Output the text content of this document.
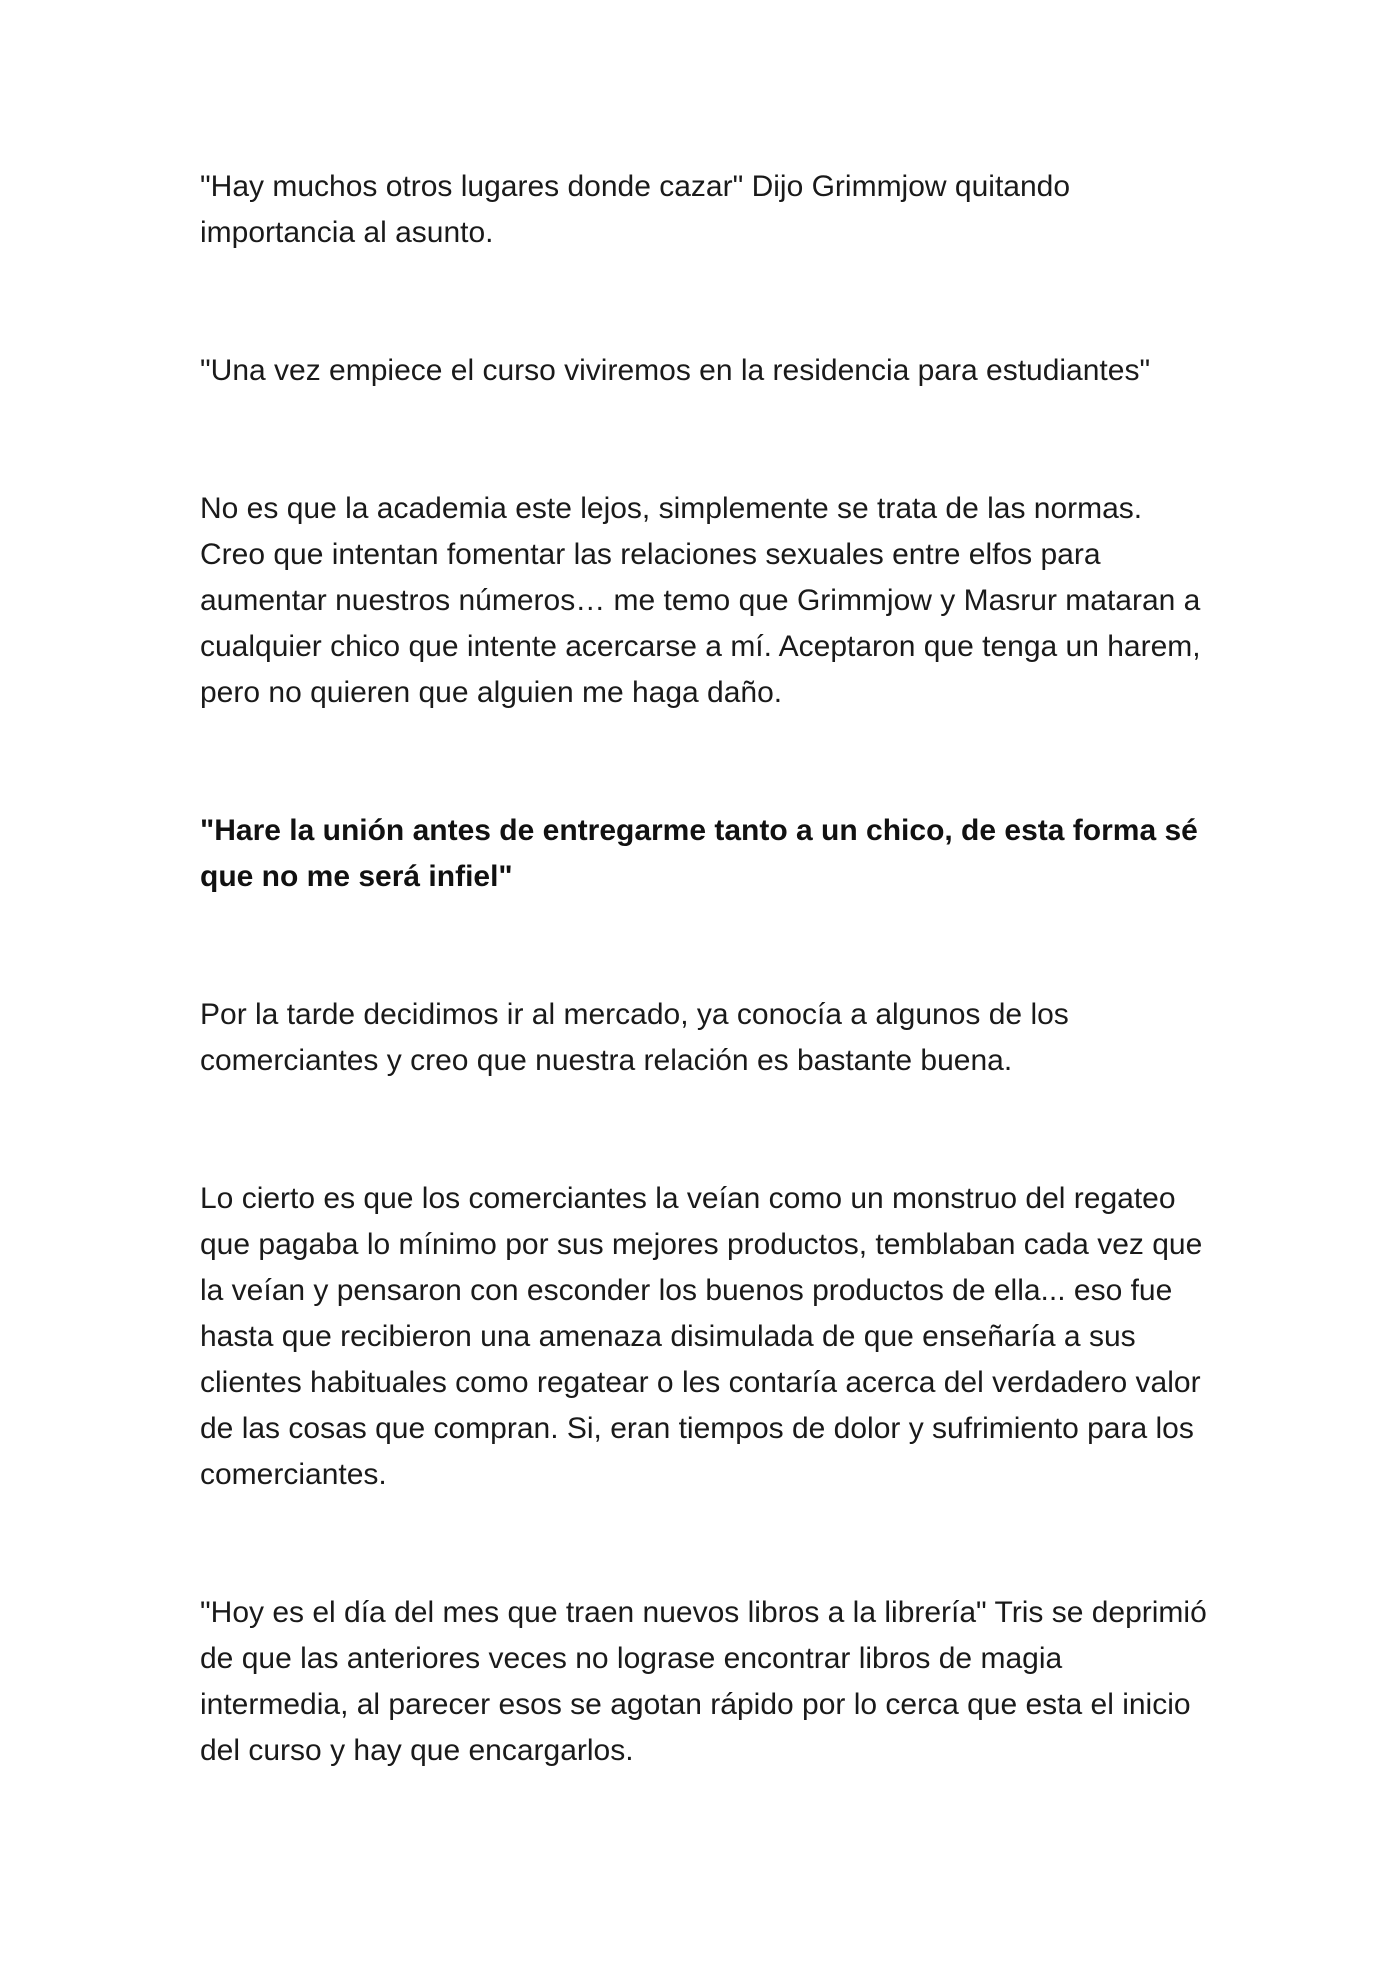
"Hay muchos otros lugares donde cazar" Dijo Grimmjow quitando importancia al asunto.

"Una vez empiece el curso viviremos en la residencia para estudiantes"

No es que la academia este lejos, simplemente se trata de las normas. Creo que intentan fomentar las relaciones sexuales entre elfos para aumentar nuestros números… me temo que Grimmjow y Masrur mataran a cualquier chico que intente acercarse a mí. Aceptaron que tenga un harem, pero no quieren que alguien me haga daño.

"Hare la unión antes de entregarme tanto a un chico, de esta forma sé que no me será infiel"

Por la tarde decidimos ir al mercado, ya conocía a algunos de los comerciantes y creo que nuestra relación es bastante buena.

Lo cierto es que los comerciantes la veían como un monstruo del regateo que pagaba lo mínimo por sus mejores productos, temblaban cada vez que la veían y pensaron con esconder los buenos productos de ella... eso fue hasta que recibieron una amenaza disimulada de que enseñaría a sus clientes habituales como regatear o les contaría acerca del verdadero valor de las cosas que compran. Si, eran tiempos de dolor y sufrimiento para los comerciantes.

"Hoy es el día del mes que traen nuevos libros a la librería" Tris se deprimió de que las anteriores veces no lograse encontrar libros de magia intermedia, al parecer esos se agotan rápido por lo cerca que esta el inicio del curso y hay que encargarlos.
